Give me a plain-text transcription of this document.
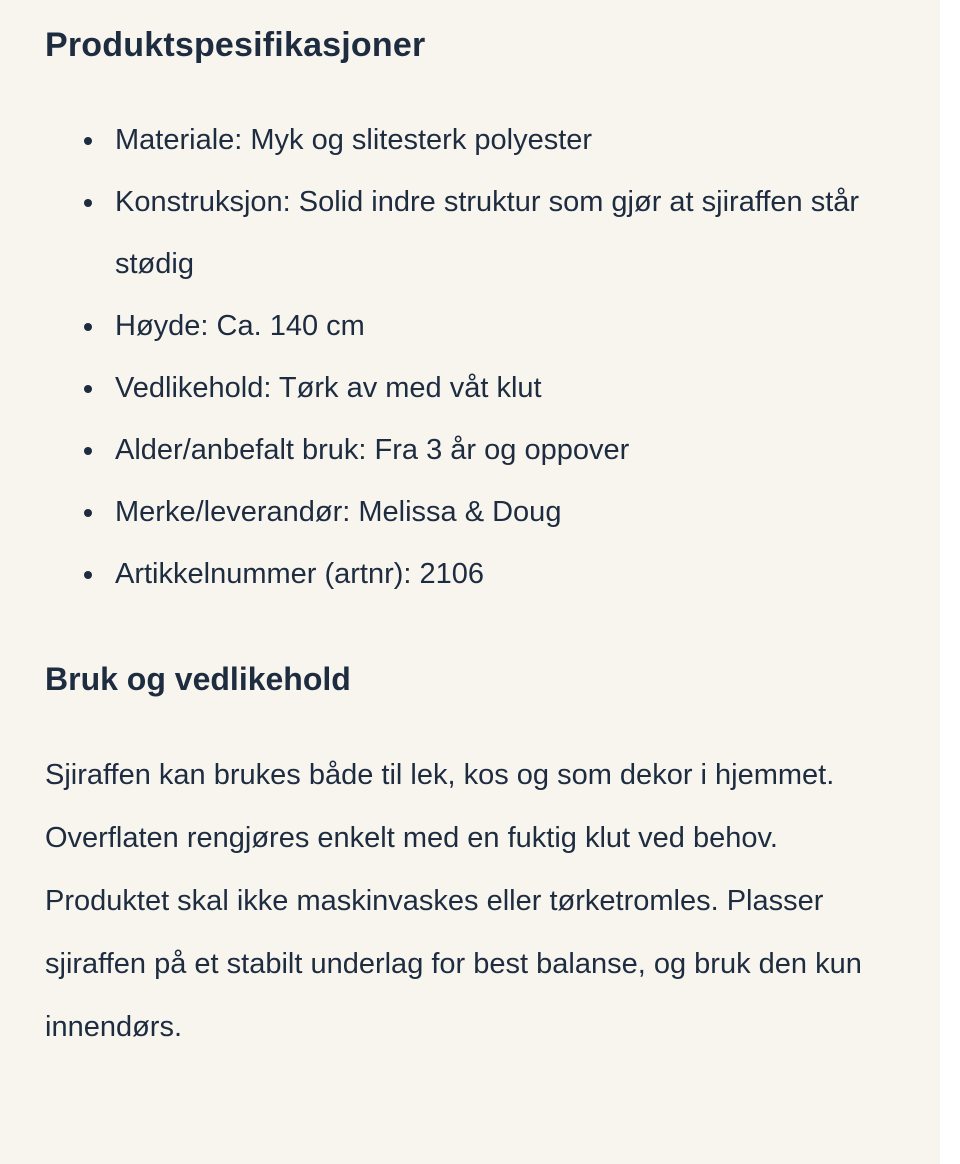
Produktspesifikasjoner
• Materiale: Myk og slitesterk polyester
• Konstruksjon: Solid indre struktur som gjør at sjiraffen står stødig
• Høyde: Ca. 140 cm
• Vedlikehold: Tørk av med våt klut
• Alder/anbefalt bruk: Fra 3 år og oppover
• Merke/leverandør: Melissa & Doug
• Artikkelnummer (artnr): 2106
Bruk og vedlikehold

Sjiraffen kan brukes både til lek, kos og som dekor i hjemmet. Overflaten rengjøres enkelt med en fuktig klut ved behov. Produktet skal ikke maskinvaskes eller tørketromles. Plasser sjiraffen på et stabilt underlag for best balanse, og bruk den kun innendørs.
